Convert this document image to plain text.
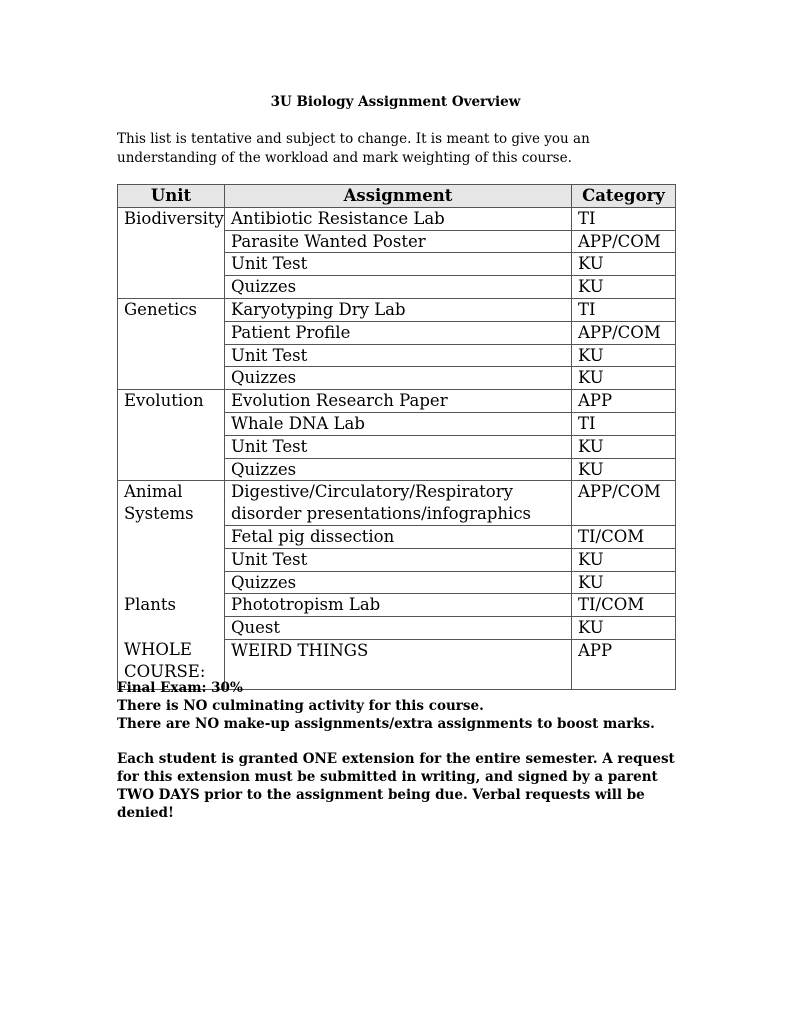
3U Biology Assignment Overview
This list is tentative and subject to change. It is meant to give you an understanding of the workload and mark weighting of this course.
Unit	Assignment	Category
Biodiversity	Antibiotic Resistance Lab	TI
	Parasite Wanted Poster	APP/COM
	Unit Test	KU
	Quizzes	KU
Genetics	Karyotyping Dry Lab	TI
	Patient Profile	APP/COM
	Unit Test	KU
	Quizzes	KU
Evolution	Evolution Research Paper	APP
	Whale DNA Lab	TI
	Unit Test	KU
	Quizzes	KU
Animal Systems	Digestive/Circulatory/Respiratory disorder presentations/infographics	APP/COM
	Fetal pig dissection	TI/COM
	Unit Test	KU
	Quizzes	KU
Plants	Phototropism Lab	TI/COM
	Quest	KU
WHOLE COURSE:	WEIRD THINGS	APP

Final Exam: 30%

There is NO culminating activity for this course.

There are NO make-up assignments/extra assignments to boost marks.

Each student is granted ONE extension for the entire semester. A request for this extension must be submitted in writing, and signed by a parent TWO DAYS prior to the assignment being due. Verbal requests will be denied!
